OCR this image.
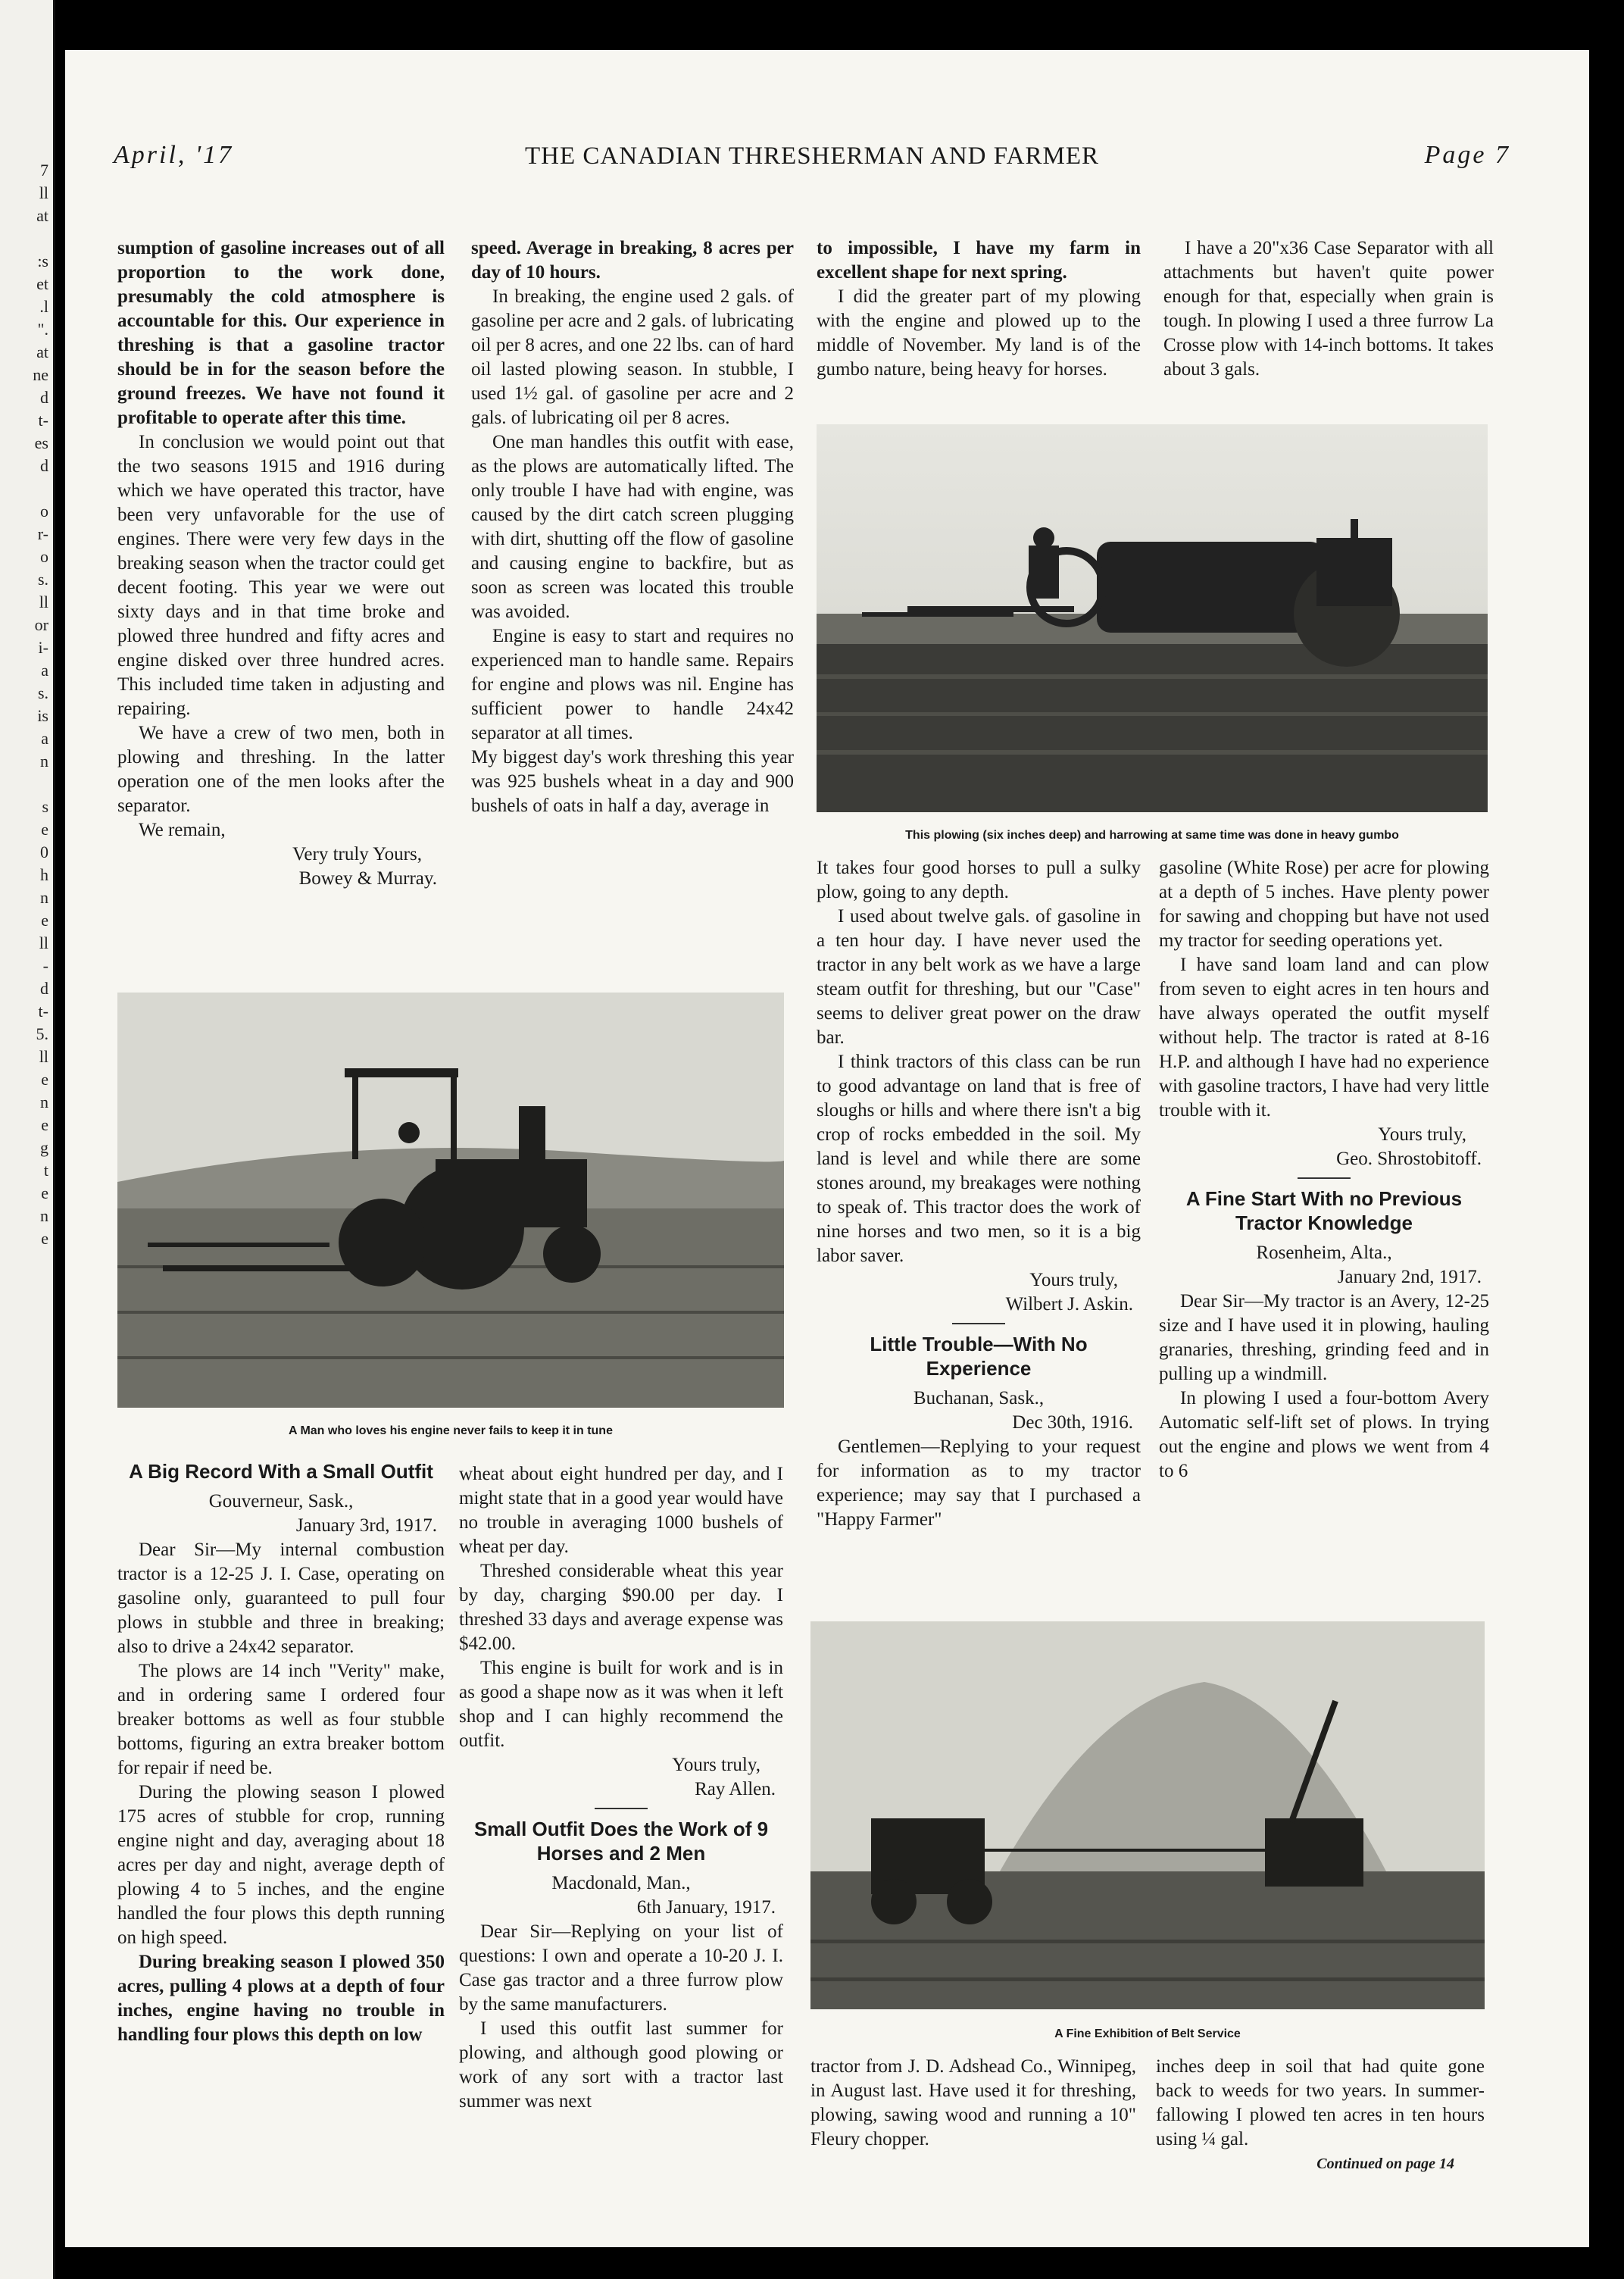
7
ll
at

:s
et
.l
".
at
ne
d
t-
es
d

o
r-
o
s.
ll
or
i-
a
s.
is
a
n

s
e
0
h
n
e
ll
-
d
t-
5.
ll
e
n
e
g
t
e
n
e
April, '17	THE CANADIAN THRESHERMAN AND FARMER	Page 7

sumption of gasoline increases out of all proportion to the work done, presumably the cold atmosphere is accountable for this. Our experience in threshing is that a gasoline tractor should be in for the season before the ground freezes. We have not found it profitable to operate after this time.

In conclusion we would point out that the two seasons 1915 and 1916 during which we have operated this tractor, have been very unfavorable for the use of engines. There were very few days in the breaking season when the tractor could get decent footing. This year we were out sixty days and in that time broke and plowed three hundred and fifty acres and engine disked over three hundred acres. This included time taken in adjusting and repairing.

We have a crew of two men, both in plowing and threshing. In the latter operation one of the men looks after the separator.

We remain,

Very truly Yours,

Bowey & Murray.

speed. Average in breaking, 8 acres per day of 10 hours.

In breaking, the engine used 2 gals. of gasoline per acre and 2 gals. of lubricating oil per 8 acres, and one 22 lbs. can of hard oil lasted plowing season. In stubble, I used 1½ gal. of gasoline per acre and 2 gals. of lubricating oil per 8 acres.

One man handles this outfit with ease, as the plows are automatically lifted. The only trouble I have had with engine, was caused by the dirt catch screen plugging with dirt, shutting off the flow of gasoline and causing engine to backfire, but as soon as screen was located this trouble was avoided.

Engine is easy to start and requires no experienced man to handle same. Repairs for engine and plows was nil. Engine has sufficient power to handle 24x42 separator at all times.

My biggest day's work threshing this year was 925 bushels wheat in a day and 900 bushels of oats in half a day, average in

to impossible, I have my farm in excellent shape for next spring.

I did the greater part of my plowing with the engine and plowed up to the middle of November. My land is of the gumbo nature, being heavy for horses.

I have a 20"x36 Case Separator with all attachments but haven't quite power enough for that, especially when grain is tough. In plowing I used a three furrow La Crosse plow with 14-inch bottoms. It takes about 3 gals.

This plowing (six inches deep) and harrowing at same time was done in heavy gumbo
A Man who loves his engine never fails to keep it in tune

It takes four good horses to pull a sulky plow, going to any depth.

I used about twelve gals. of gasoline in a ten hour day. I have never used the tractor in any belt work as we have a large steam outfit for threshing, but our "Case" seems to deliver great power on the draw bar.

I think tractors of this class can be run to good advantage on land that is free of sloughs or hills and where there isn't a big crop of rocks embedded in the soil. My land is level and while there are some stones around, my breakages were nothing to speak of. This tractor does the work of nine horses and two men, so it is a big labor saver.

Yours truly,

Wilbert J. Askin.

Little Trouble—With No Experience

Buchanan, Sask.,

Dec 30th, 1916.

Gentlemen—Replying to your request for information as to my tractor experience; may say that I purchased a "Happy Farmer"

gasoline (White Rose) per acre for plowing at a depth of 5 inches. Have plenty power for sawing and chopping but have not used my tractor for seeding operations yet.

I have sand loam land and can plow from seven to eight acres in ten hours and have always operated the outfit myself without help. The tractor is rated at 8-16 H.P. and although I have had no experience with gasoline tractors, I have had very little trouble with it.

Yours truly,

Geo. Shrostobitoff.

A Fine Start With no Previous Tractor Knowledge

Rosenheim, Alta.,

January 2nd, 1917.

Dear Sir—My tractor is an Avery, 12-25 size and I have used it in plowing, hauling granaries, threshing, grinding feed and in pulling up a windmill.

In plowing I used a four-bottom Avery Automatic self-lift set of plows. In trying out the engine and plows we went from 4 to 6

A Big Record With a Small Outfit

Gouverneur, Sask.,

January 3rd, 1917.

Dear Sir—My internal combustion tractor is a 12-25 J. I. Case, operating on gasoline only, guaranteed to pull four plows in stubble and three in breaking; also to drive a 24x42 separator.

The plows are 14 inch "Verity" make, and in ordering same I ordered four breaker bottoms as well as four stubble bottoms, figuring an extra breaker bottom for repair if need be.

During the plowing season I plowed 175 acres of stubble for crop, running engine night and day, averaging about 18 acres per day and night, average depth of plowing 4 to 5 inches, and the engine handled the four plows this depth running on high speed.

During breaking season I plowed 350 acres, pulling 4 plows at a depth of four inches, engine having no trouble in handling four plows this depth on low

wheat about eight hundred per day, and I might state that in a good year would have no trouble in averaging 1000 bushels of wheat per day.

Threshed considerable wheat this year by day, charging $90.00 per day. I threshed 33 days and average expense was $42.00.

This engine is built for work and is in as good a shape now as it was when it left shop and I can highly recommend the outfit.

Yours truly,

Ray Allen.

Small Outfit Does the Work of 9 Horses and 2 Men

Macdonald, Man.,

6th January, 1917.

Dear Sir—Replying on your list of questions: I own and operate a 10-20 J. I. Case gas tractor and a three furrow plow by the same manufacturers.

I used this outfit last summer for plowing, and although good plowing or work of any sort with a tractor last summer was next

A Fine Exhibition of Belt Service

tractor from J. D. Adshead Co., Winnipeg, in August last. Have used it for threshing, plowing, sawing wood and running a 10" Fleury chopper.

inches deep in soil that had quite gone back to weeds for two years. In summer-fallowing I plowed ten acres in ten hours using ¼ gal.

Continued on page 14
